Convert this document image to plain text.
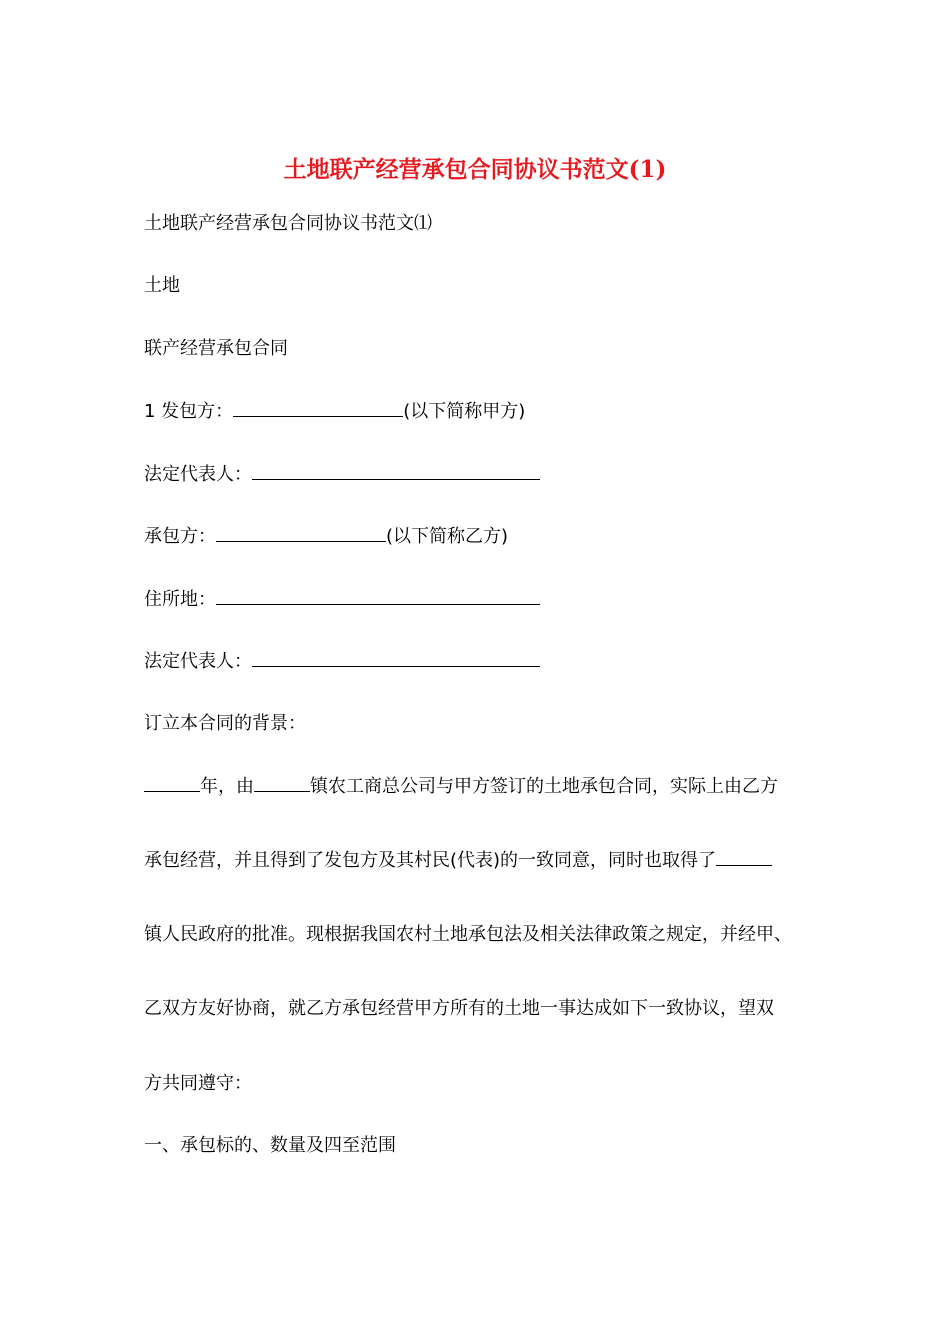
土地联产经营承包合同协议书范文(1)
土地联产经营承包合同协议书范文⑴
土地
联产经营承包合同
1 发包方：	(以下简称甲方)
法定代表人：
承包方：	(以下简称乙方)
住所地：
法定代表人：
订立本合同的背景：
年，由	镇农工商总公司与甲方签订的土地承包合同，实际上由乙方
承包经营，并且得到了发包方及其村民(代表)的一致同意，同时也取得了
镇人民政府的批准。现根据我国农村土地承包法及相关法律政策之规定，并经甲、
乙双方友好协商，就乙方承包经营甲方所有的土地一事达成如下一致协议，望双
方共同遵守：
一、承包标的、数量及四至范围
